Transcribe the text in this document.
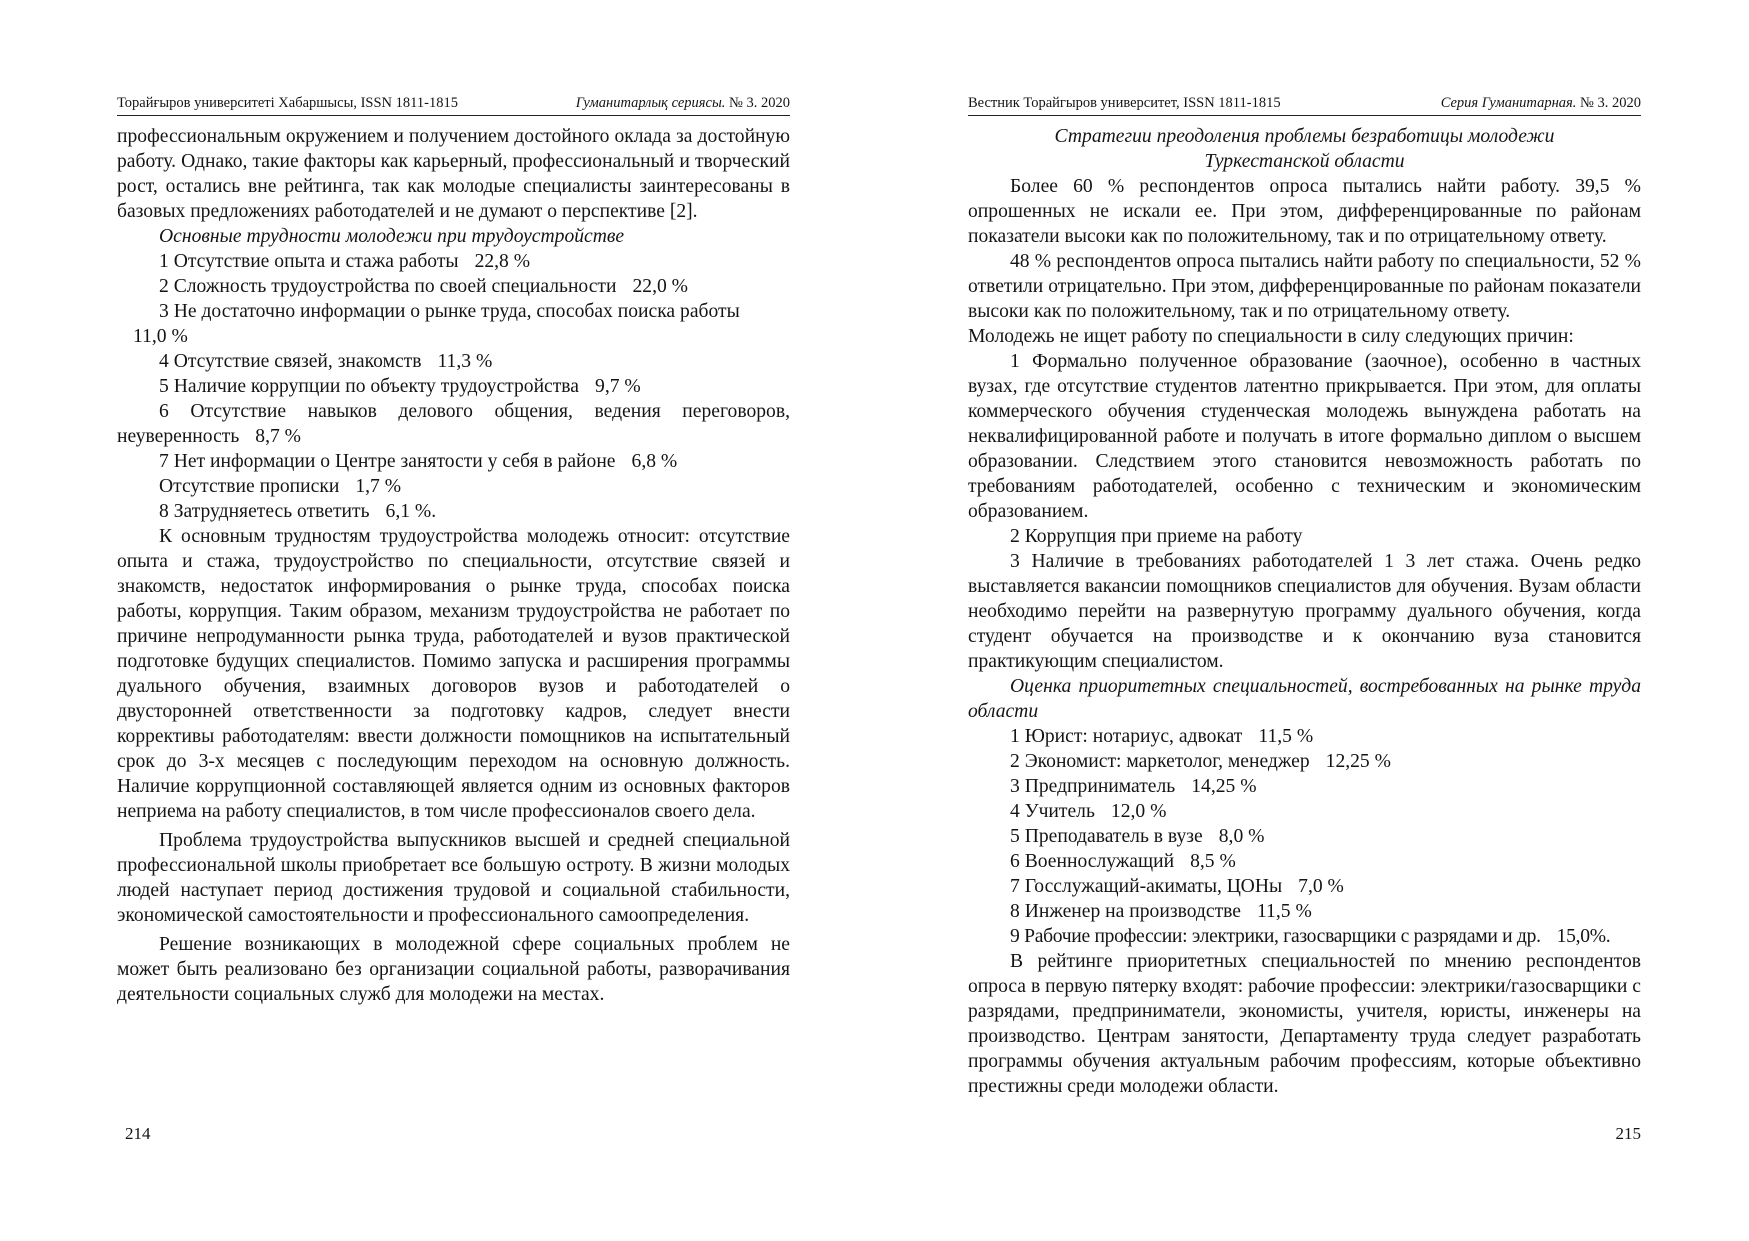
Торайғыров университетi Хабаршысы, ISSN 1811-1815	Гуманитарлық сериясы. № 3. 2020

профессиональным окружением и получением достойного оклада за достойную работу. Однако, такие факторы как карьерный, профессиональный и творческий рост, остались вне рейтинга, так как молодые специалисты заинтересованы в базовых предложениях работодателей и не думают о перспективе [2].

Основные трудности молодежи при трудоустройстве

1 Отсутствие опыта и стажа работы 22,8 %

2 Сложность трудоустройства по своей специальности 22,0 %

3 Не достаточно информации о рынке труда, способах поиска работы

11,0 %

4 Отсутствие связей, знакомств 11,3 %

5 Наличие коррупции по объекту трудоустройства 9,7 %

6 Отсутствие навыков делового общения, ведения переговоров, неуверенность 8,7 %

7 Нет информации о Центре занятости у себя в районе 6,8 %

Отсутствие прописки 1,7 %

8 Затрудняетесь ответить 6,1 %.

К основным трудностям трудоустройства молодежь относит: отсутствие опыта и стажа, трудоустройство по специальности, отсутствие связей и знакомств, недостаток информирования о рынке труда, способах поиска работы, коррупция. Таким образом, механизм трудоустройства не работает по причине непродуманности рынка труда, работодателей и вузов практической подготовке будущих специалистов. Помимо запуска и расширения программы дуального обучения, взаимных договоров вузов и работодателей о двусторонней ответственности за подготовку кадров, следует внести коррективы работодателям: ввести должности помощников на испытательный срок до 3-х месяцев с последующим переходом на основную должность. Наличие коррупционной составляющей является одним из основных факторов неприема на работу специалистов, в том числе профессионалов своего дела.

Проблема трудоустройства выпускников высшей и средней специальной профессиональной школы приобретает все большую остроту. В жизни молодых людей наступает период достижения трудовой и социальной стабильности, экономической самостоятельности и профессионального самоопределения.

Решение возникающих в молодежной сфере социальных проблем не может быть реализовано без организации социальной работы, разворачивания деятельности социальных служб для молодежи на местах.

214
Вестник Торайгыров университет, ISSN 1811-1815	Серия Гуманитарная. № 3. 2020

Стратегии преодоления проблемы безработицы молодежи

Туркестанской области

Более 60 % респондентов опроса пытались найти работу. 39,5 % опрошенных не искали ее. При этом, дифференцированные по районам показатели высоки как по положительному, так и по отрицательному ответу.

48 % респондентов опроса пытались найти работу по специальности, 52 % ответили отрицательно. При этом, дифференцированные по районам показатели высоки как по положительному, так и по отрицательному ответу.

Молодежь не ищет работу по специальности в силу следующих причин:

1 Формально полученное образование (заочное), особенно в частных вузах, где отсутствие студентов латентно прикрывается. При этом, для оплаты коммерческого обучения студенческая молодежь вынуждена работать на неквалифицированной работе и получать в итоге формально диплом о высшем образовании. Следствием этого становится невозможность работать по требованиям работодателей, особенно с техническим и экономическим образованием.

2 Коррупция при приеме на работу

3 Наличие в требованиях работодателей 1 3 лет стажа. Очень редко выставляется вакансии помощников специалистов для обучения. Вузам области необходимо перейти на развернутую программу дуального обучения, когда студент обучается на производстве и к окончанию вуза становится практикующим специалистом.

Оценка приоритетных специальностей, востребованных на рынке труда области

1 Юрист: нотариус, адвокат 11,5 %

2 Экономист: маркетолог, менеджер 12,25 %

3 Предприниматель 14,25 %

4 Учитель 12,0 %

5 Преподаватель в вузе 8,0 %

6 Военнослужащий 8,5 %

7 Госслужащий-акиматы, ЦОНы 7,0 %

8 Инженер на производстве 11,5 %

9 Рабочие профессии: электрики, газосварщики с разрядами и др. 15,0%.

В рейтинге приоритетных специальностей по мнению респондентов опроса в первую пятерку входят: рабочие профессии: электрики/газосварщики с разрядами, предприниматели, экономисты, учителя, юристы, инженеры на производство. Центрам занятости, Департаменту труда следует разработать программы обучения актуальным рабочим профессиям, которые объективно престижны среди молодежи области.

215
